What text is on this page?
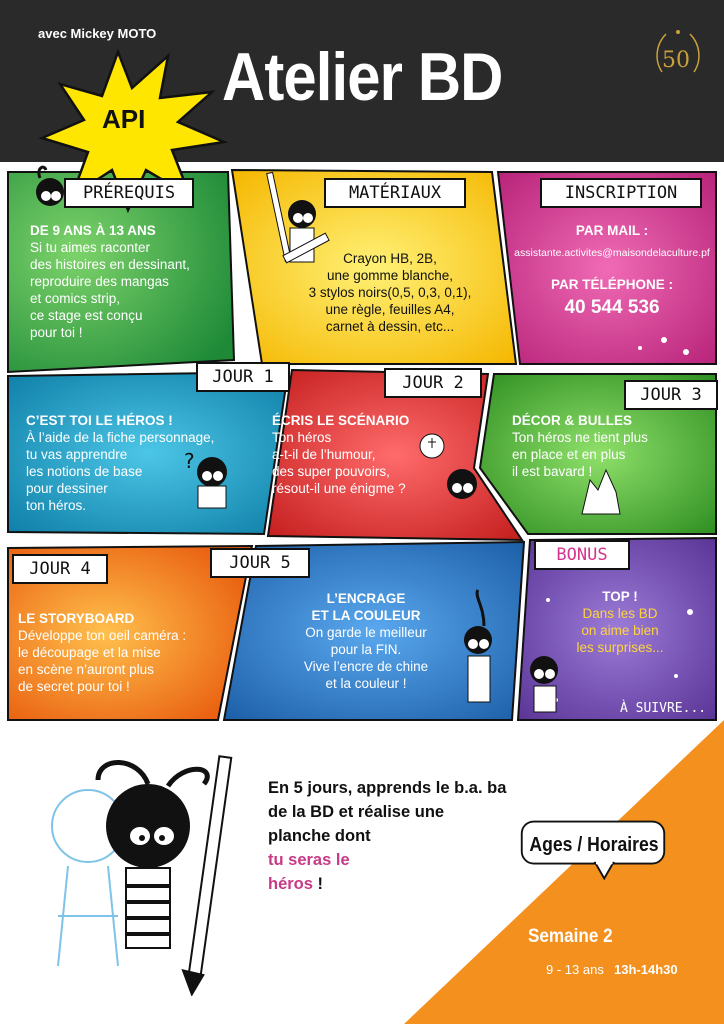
avec Mickey MOTO
Atelier BD	50
?
API
PRÉREQUIS	MATÉRIAUX	INSCRIPTION
JOUR 1	JOUR 2
JOUR 3
JOUR 4	JOUR 5	BONUS
DE 9 ANS À 13 ANS
Si tu aimes raconter
des histoires en dessinant,
reproduire des mangas
et comics strip,
ce stage est conçu
pour toi !
Crayon HB, 2B,
une gomme blanche,
3 stylos noirs(0,5, 0,3, 0,1),
une règle, feuilles A4,
carnet à dessin, etc...
PAR MAIL :
assistante.activites@maisondelaculture.pf
PAR TÉLÉPHONE :
40 544 536
C’EST TOI LE HÉROS !
À l’aide de la fiche personnage,
tu vas apprendre
les notions de base
pour dessiner
ton héros.
ÉCRIS LE SCÉNARIO
Ton héros
a-t-il de l’humour,
des super pouvoirs,
résout-il une énigme ?
DÉCOR & BULLES
Ton héros ne tient plus
en place et en plus
il est bavard !
LE STORYBOARD
Développe ton oeil caméra :
le découpage et la mise
en scène n’auront plus
de secret pour toi !
L’ENCRAGE
ET LA COULEUR
On garde le meilleur
pour la FIN.
Vive l’encre de chine
et la couleur !
TOP !
Dans les BD
on aime bien
les surprises...
À SUIVRE...
En 5 jours, apprends le b.a. ba
de la BD et réalise une
planche dont
tu seras le
héros !
Ages / Horaires
Semaine 2
9 - 13 ans 13h-14h30
